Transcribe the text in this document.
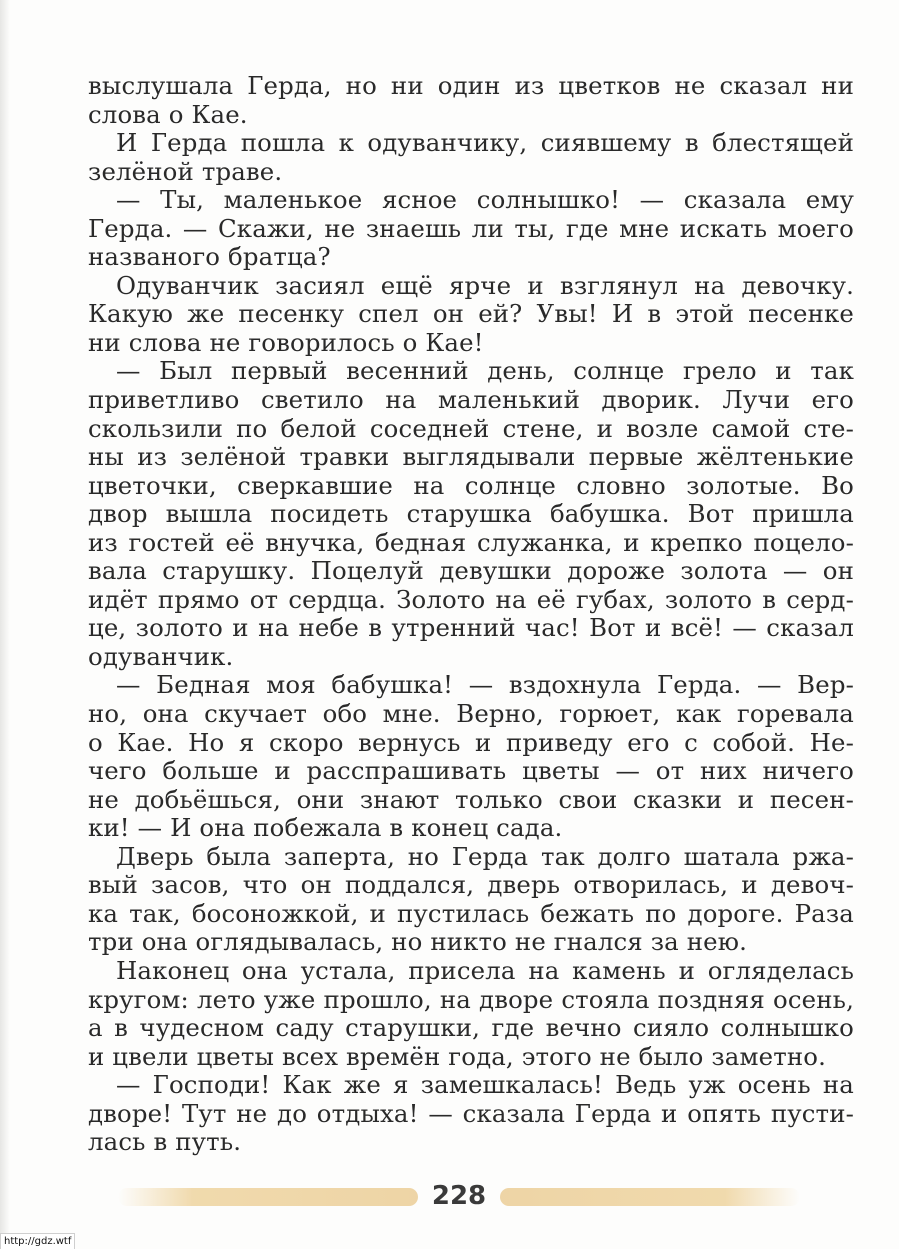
выслушала Герда, но ни один из цветков не сказал ни
слова о Кае.
И Герда пошла к одуванчику, сиявшему в блестящей
зелёной траве.
— Ты, маленькое ясное солнышко! — сказала ему
Герда. — Скажи, не знаешь ли ты, где мне искать моего
названого братца?
Одуванчик засиял ещё ярче и взглянул на девочку.
Какую же песенку спел он ей? Увы! И в этой песенке
ни слова не говорилось о Кае!
— Был первый весенний день, солнце грело и так
приветливо светило на маленький дворик. Лучи его
скользили по белой соседней стене, и возле самой сте-
ны из зелёной травки выглядывали первые жёлтенькие
цветочки, сверкавшие на солнце словно золотые. Во
двор вышла посидеть старушка бабушка. Вот пришла
из гостей её внучка, бедная служанка, и крепко поцело-
вала старушку. Поцелуй девушки дороже золота — он
идёт прямо от сердца. Золото на её губах, золото в серд-
це, золото и на небе в утренний час! Вот и всё! — сказал
одуванчик.
— Бедная моя бабушка! — вздохнула Герда. — Вер-
но, она скучает обо мне. Верно, горюет, как горевала
о Кае. Но я скоро вернусь и приведу его с собой. Не-
чего больше и расспрашивать цветы — от них ничего
не добьёшься, они знают только свои сказки и песен-
ки! — И она побежала в конец сада.
Дверь была заперта, но Герда так долго шатала ржа-
вый засов, что он поддался, дверь отворилась, и девоч-
ка так, босоножкой, и пустилась бежать по дороге. Раза
три она оглядывалась, но никто не гнался за нею.
Наконец она устала, присела на камень и огляделась
кругом: лето уже прошло, на дворе стояла поздняя осень,
а в чудесном саду старушки, где вечно сияло солнышко
и цвели цветы всех времён года, этого не было заметно.
— Господи! Как же я замешкалась! Ведь уж осень на
дворе! Тут не до отдыха! — сказала Герда и опять пусти-
лась в путь.
228
http://gdz.wtf
